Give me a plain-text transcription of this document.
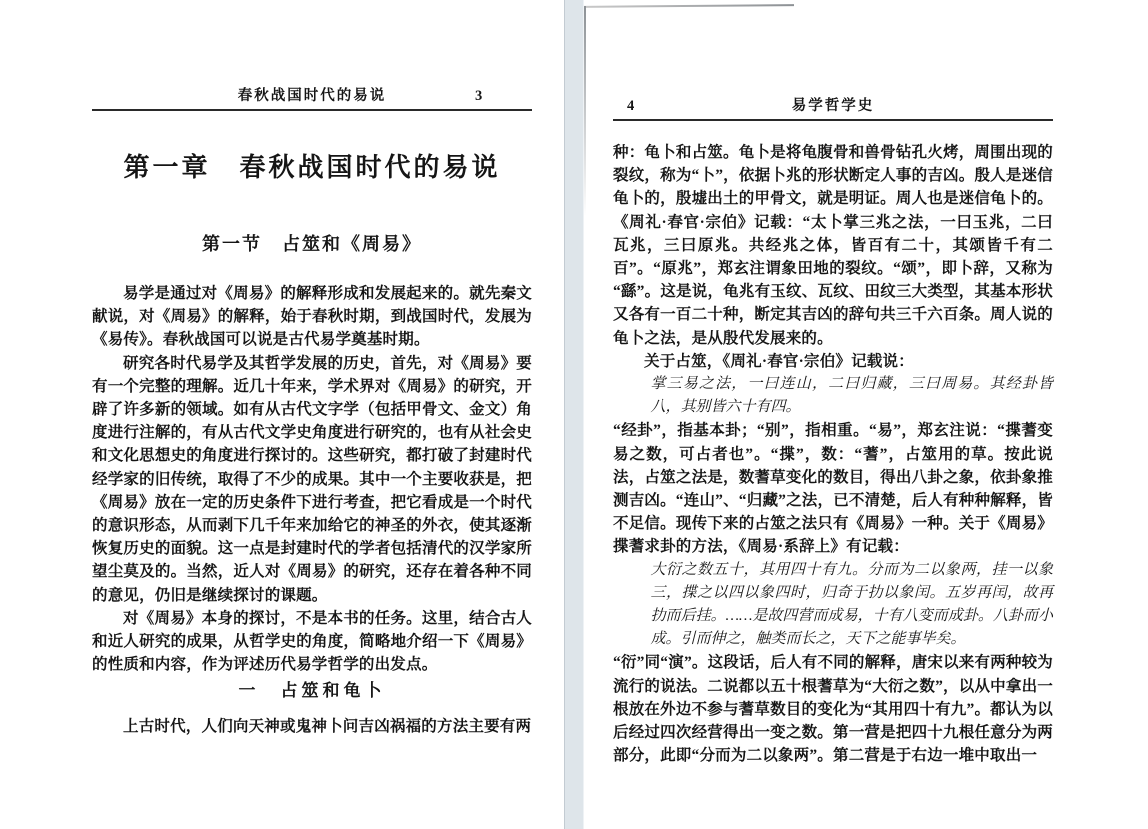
春秋战国时代的易说	3
第一章　春秋战国时代的易说
第一节　占筮和《周易》

易学是通过对《周易》的解释形成和发展起来的。就先秦文献说，对《周易》的解释，始于春秋时期，到战国时代，发展为《易传》。春秋战国可以说是古代易学奠基时期。

研究各时代易学及其哲学发展的历史，首先，对《周易》要有一个完整的理解。近几十年来，学术界对《周易》的研究，开辟了许多新的领域。如有从古代文字学（包括甲骨文、金文）角度进行注解的，有从古代文学史角度进行研究的，也有从社会史和文化思想史的角度进行探讨的。这些研究，都打破了封建时代经学家的旧传统，取得了不少的成果。其中一个主要收获是，把《周易》放在一定的历史条件下进行考查，把它看成是一个时代的意识形态，从而剥下几千年来加给它的神圣的外衣，使其逐渐恢复历史的面貌。这一点是封建时代的学者包括清代的汉学家所望尘莫及的。当然，近人对《周易》的研究，还存在着各种不同的意见，仍旧是继续探讨的课题。

对《周易》本身的探讨，不是本书的任务。这里，结合古人和近人研究的成果，从哲学史的角度，简略地介绍一下《周易》的性质和内容，作为评述历代易学哲学的出发点。

一　占筮和龟卜

上古时代，人们向天神或鬼神卜问吉凶祸福的方法主要有两

4	易学哲学史

种：龟卜和占筮。龟卜是将龟腹骨和兽骨钻孔火烤，周围出现的裂纹，称为“卜”，依据卜兆的形状断定人事的吉凶。殷人是迷信龟卜的，殷墟出土的甲骨文，就是明证。周人也是迷信龟卜的。《周礼·春官·宗伯》记载：“太卜掌三兆之法，一曰玉兆，二曰瓦兆，三曰原兆。共经兆之体，皆百有二十，其颂皆千有二百”。“原兆”，郑玄注谓象田地的裂纹。“颂”，即卜辞，又称为“繇”。这是说，龟兆有玉纹、瓦纹、田纹三大类型，其基本形状又各有一百二十种，断定其吉凶的辞句共三千六百条。周人说的龟卜之法，是从殷代发展来的。

关于占筮，《周礼·春官·宗伯》记载说：

掌三易之法，一曰连山，二曰归藏，三曰周易。其经卦皆八，其别皆六十有四。

“经卦”，指基本卦；“别”，指相重。“易”，郑玄注说：“揲蓍变易之数，可占者也”。“揲”，数：“蓍”，占筮用的草。按此说法，占筮之法是，数蓍草变化的数目，得出八卦之象，依卦象推测吉凶。“连山”、“归藏”之法，已不清楚，后人有种种解释，皆不足信。现传下来的占筮之法只有《周易》一种。关于《周易》揲蓍求卦的方法，《周易·系辞上》有记载：

大衍之数五十，其用四十有九。分而为二以象两，挂一以象三，揲之以四以象四时，归奇于扐以象闰。五岁再闰，故再扐而后挂。……是故四营而成易，十有八变而成卦。八卦而小成。引而伸之，触类而长之，天下之能事毕矣。

“衍”同“演”。这段话，后人有不同的解释，唐宋以来有两种较为流行的说法。二说都以五十根蓍草为“大衍之数”，以从中拿出一根放在外边不参与蓍草数目的变化为“其用四十有九”。都认为以后经过四次经营得出一变之数。第一营是把四十九根任意分为两部分，此即“分而为二以象两”。第二营是于右边一堆中取出一
